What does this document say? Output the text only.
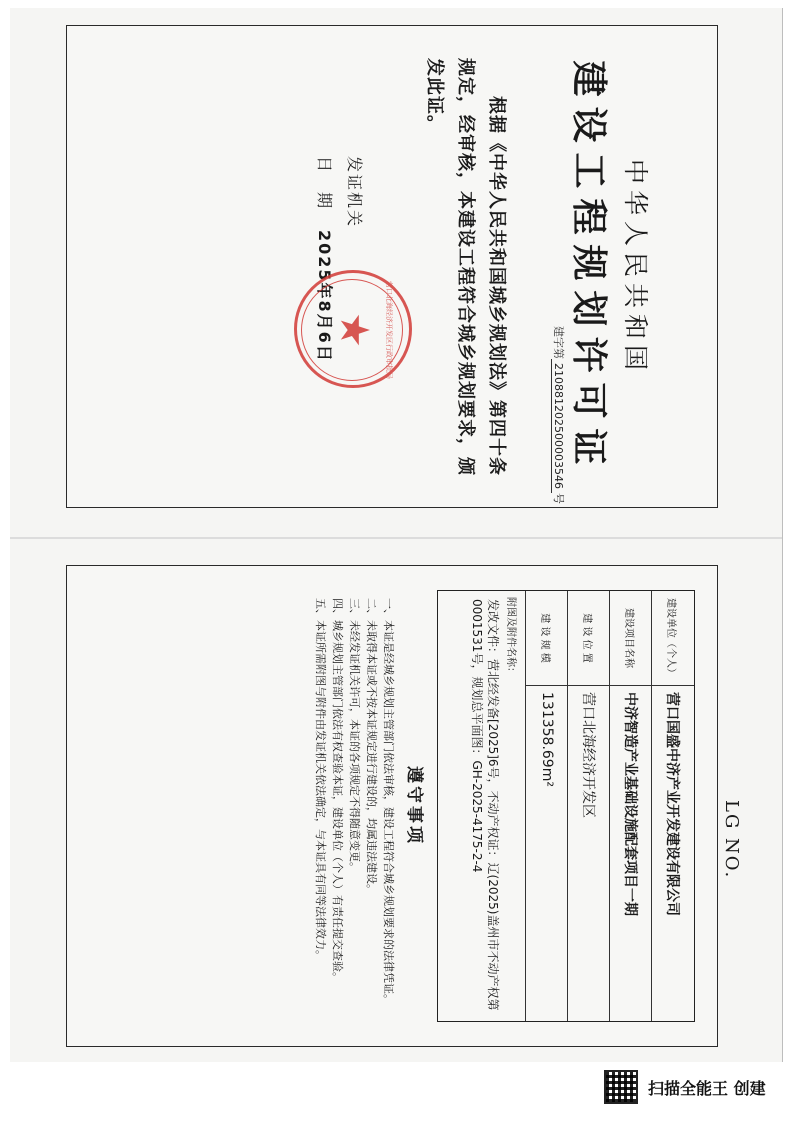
中华人民共和国
建设工程规划许可证
建字第210881202500003546号
根据《中华人民共和国城乡规划法》第四十条规定，经审核，本建设工程符合城乡规划要求，颁发此证。
发证机关
日　期2025年8月6日	营口北海经济开发区行政审批局
★
建设单位（个人）
营口国盛中济产业开发建设有限公司
建设项目名称
中济智造产业基础设施配套项目一期
建 设 位 置
营口北海经济开发区
建 设 规 模
131358.69m²
附图及附件名称：
发改文件：营北经发备[2025]6号，不动产权证：辽(2025)盖州市不动产权第0001531号，规划总平面图：GH-2025-4175-2-4
遵守事项
一、本证是经城乡规划主管部门依法审核，建设工程符合城乡规划要求的法律凭证。
二、未取得本证或不按本证规定进行建设的，均属违法建设。
三、未经发证机关许可，本证的各项规定不得随意变更。
四、城乡规划主管部门依法有权查验本证，建设单位（个人）有责任提交查验。
五、本证所需附图与附件由发证机关依法确定，与本证具有同等法律效力。	LG NO.
扫描全能王 创建
